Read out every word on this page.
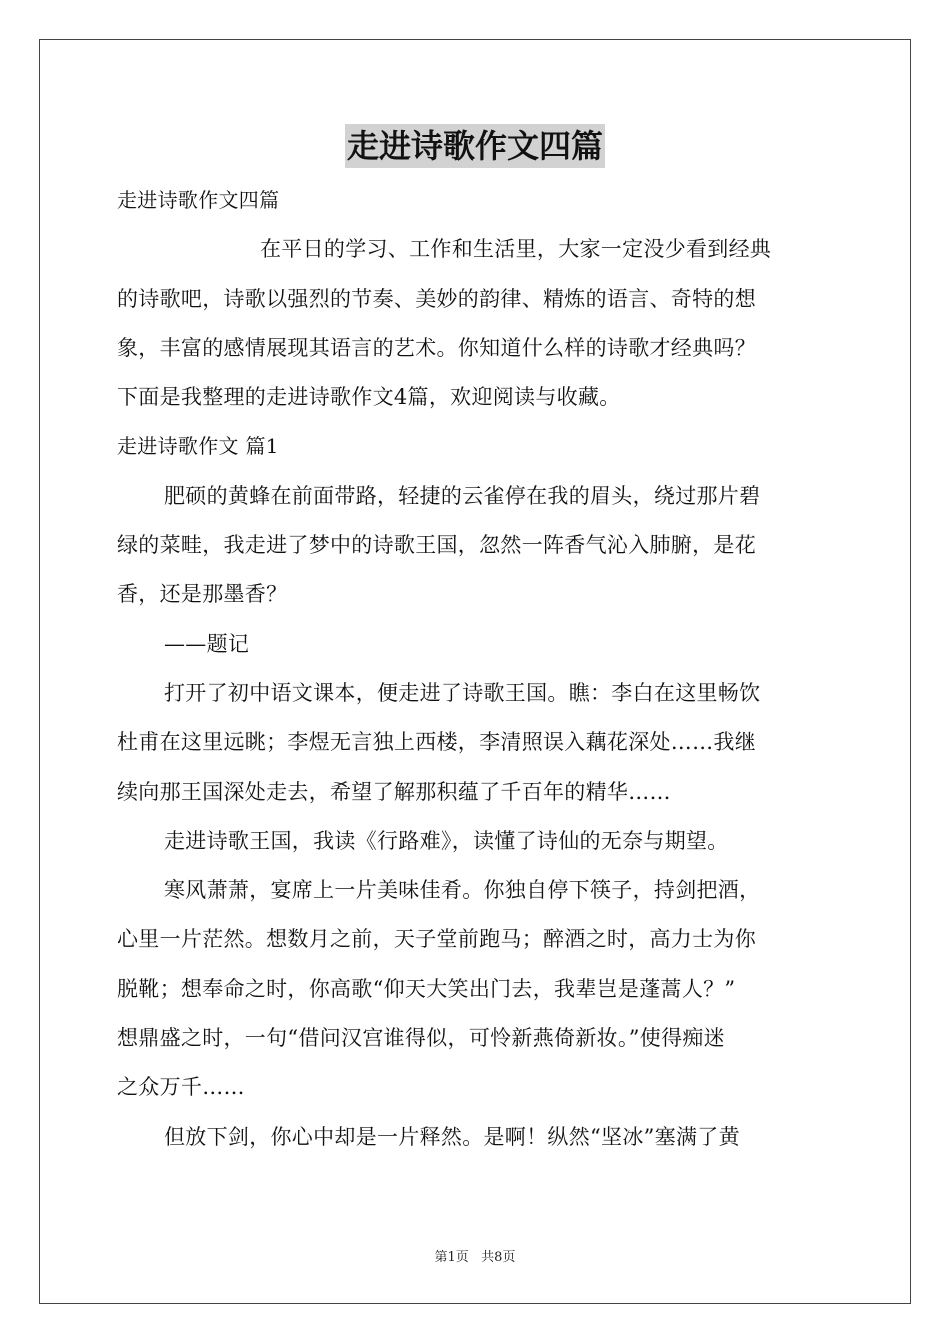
走进诗歌作文四篇
走进诗歌作文四篇
在平日的学习、工作和生活里，大家一定没少看到经典
的诗歌吧，诗歌以强烈的节奏、美妙的韵律、精炼的语言、奇特的想
象，丰富的感情展现其语言的艺术。你知道什么样的诗歌才经典吗？
下面是我整理的走进诗歌作文4篇，欢迎阅读与收藏。
走进诗歌作文 篇1
肥硕的黄蜂在前面带路，轻捷的云雀停在我的眉头，绕过那片碧
绿的菜畦，我走进了梦中的诗歌王国，忽然一阵香气沁入肺腑，是花
香，还是那墨香？
——题记
打开了初中语文课本，便走进了诗歌王国。瞧：李白在这里畅饮
杜甫在这里远眺；李煜无言独上西楼，李清照误入藕花深处……我继
续向那王国深处走去，希望了解那积蕴了千百年的精华……
走进诗歌王国，我读《行路难》，读懂了诗仙的无奈与期望。
寒风萧萧，宴席上一片美味佳肴。你独自停下筷子，持剑把酒，
心里一片茫然。想数月之前，天子堂前跑马；醉酒之时，高力士为你
脱靴；想奉命之时，你高歌“仰天大笑出门去，我辈岂是蓬蒿人？”
想鼎盛之时，一句“借问汉宫谁得似，可怜新燕倚新妆。”使得痴迷
之众万千……
但放下剑，你心中却是一片释然。是啊！纵然“坚冰”塞满了黄
第1页   共8页
